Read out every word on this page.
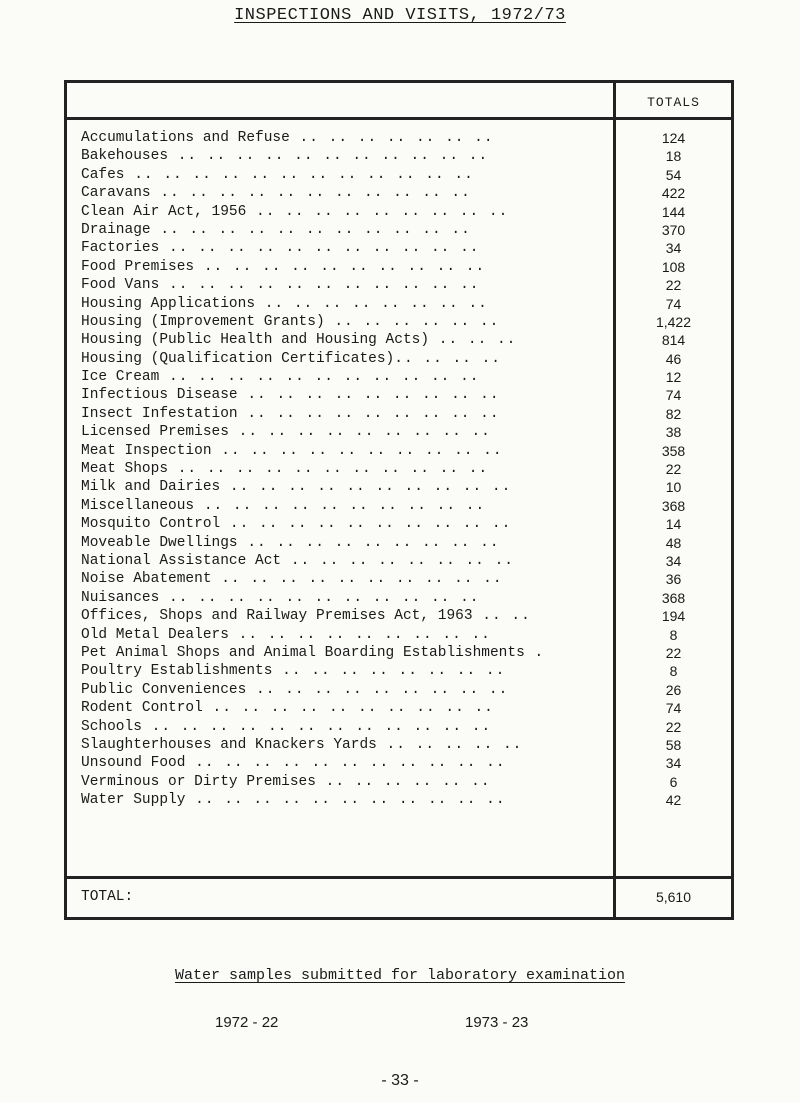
INSPECTIONS AND VISITS, 1972/73
TOTALS
Accumulations and Refuse .. .. .. .. .. .. ..	124
Bakehouses .. .. .. .. .. .. .. .. .. .. ..	18
Cafes .. .. .. .. .. .. .. .. .. .. .. ..	54
Caravans .. .. .. .. .. .. .. .. .. .. ..	422
Clean Air Act, 1956 .. .. .. .. .. .. .. .. ..	144
Drainage .. .. .. .. .. .. .. .. .. .. ..	370
Factories .. .. .. .. .. .. .. .. .. .. ..	34
Food Premises .. .. .. .. .. .. .. .. .. ..	108
Food Vans .. .. .. .. .. .. .. .. .. .. ..	22
Housing Applications .. .. .. .. .. .. .. ..	74
Housing (Improvement Grants) .. .. .. .. .. ..	1,422
Housing (Public Health and Housing Acts) .. .. ..	814
Housing (Qualification Certificates).. .. .. ..	46
Ice Cream .. .. .. .. .. .. .. .. .. .. ..	12
Infectious Disease .. .. .. .. .. .. .. .. ..	74
Insect Infestation .. .. .. .. .. .. .. .. ..	82
Licensed Premises .. .. .. .. .. .. .. .. ..	38
Meat Inspection .. .. .. .. .. .. .. .. .. ..	358
Meat Shops .. .. .. .. .. .. .. .. .. .. ..	22
Milk and Dairies .. .. .. .. .. .. .. .. .. ..	10
Miscellaneous .. .. .. .. .. .. .. .. .. ..	368
Mosquito Control .. .. .. .. .. .. .. .. .. ..	14
Moveable Dwellings .. .. .. .. .. .. .. .. ..	48
National Assistance Act .. .. .. .. .. .. .. ..	34
Noise Abatement .. .. .. .. .. .. .. .. .. ..	36
Nuisances .. .. .. .. .. .. .. .. .. .. ..	368
Offices, Shops and Railway Premises Act, 1963 .. ..	194
Old Metal Dealers .. .. .. .. .. .. .. .. ..	8
Pet Animal Shops and Animal Boarding Establishments .	22
Poultry Establishments .. .. .. .. .. .. .. ..	8
Public Conveniences .. .. .. .. .. .. .. .. ..	26
Rodent Control .. .. .. .. .. .. .. .. .. ..	74
Schools .. .. .. .. .. .. .. .. .. .. .. ..	22
Slaughterhouses and Knackers Yards .. .. .. .. ..	58
Unsound Food .. .. .. .. .. .. .. .. .. .. ..	34
Verminous or Dirty Premises .. .. .. .. .. ..	6
Water Supply .. .. .. .. .. .. .. .. .. .. ..	42
TOTAL:	5,610
Water samples submitted for laboratory examination
1972 - 22	1973 - 23
- 33 -
